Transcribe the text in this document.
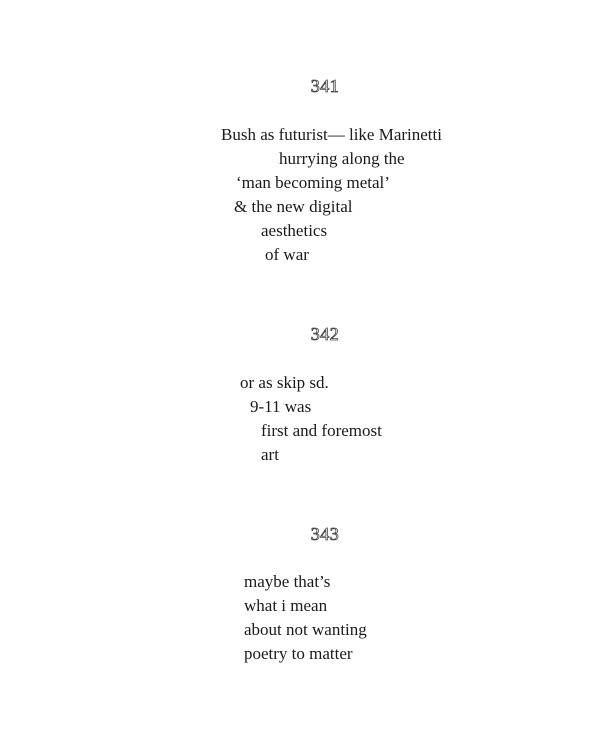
341
Bush as futurist— like Marinetti
hurrying along the
‘man becoming metal’
& the new digital
aesthetics
of war
342
or as skip sd.
9-11 was
first and foremost
art
343
maybe that’s
what i mean
about not wanting
poetry to matter
